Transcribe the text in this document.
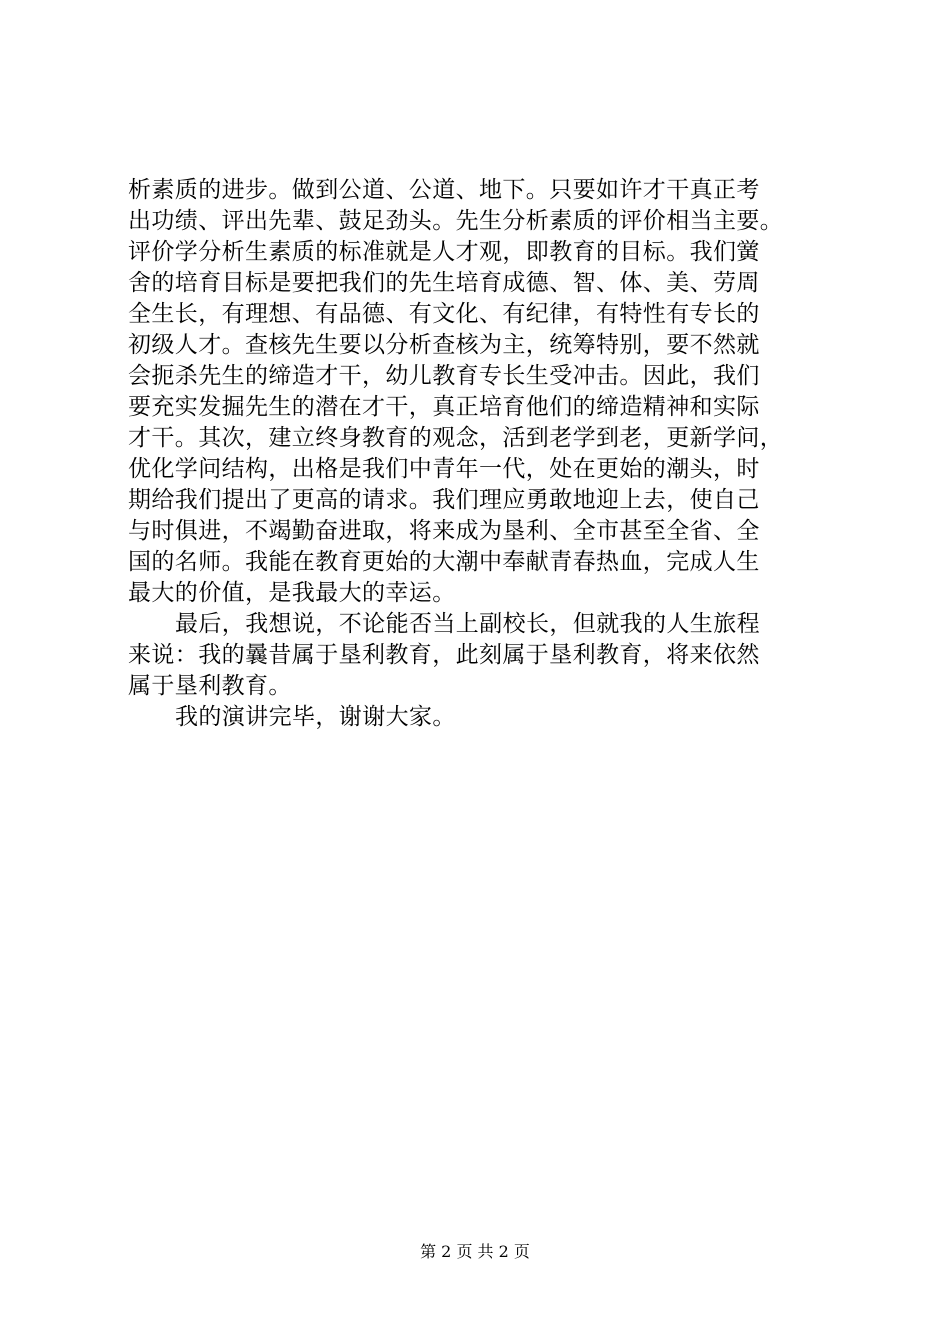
析素质的进步。做到公道、公道、地下。只要如许才干真正考
出功绩、评出先辈、鼓足劲头。先生分析素质的评价相当主要。
评价学分析生素质的标准就是人才观，即教育的目标。我们黉
舍的培育目标是要把我们的先生培育成德、智、体、美、劳周
全生长，有理想、有品德、有文化、有纪律，有特性有专长的
初级人才。查核先生要以分析查核为主，统筹特别，要不然就
会扼杀先生的缔造才干，幼儿教育专长生受冲击。因此，我们
要充实发掘先生的潜在才干，真正培育他们的缔造精神和实际
才干。其次，建立终身教育的观念，活到老学到老，更新学问，
优化学问结构，出格是我们中青年一代，处在更始的潮头，时
期给我们提出了更高的请求。我们理应勇敢地迎上去，使自己
与时俱进，不竭勤奋进取，将来成为垦利、全市甚至全省、全
国的名师。我能在教育更始的大潮中奉献青春热血，完成人生
最大的价值，是我最大的幸运。
最后，我想说，不论能否当上副校长，但就我的人生旅程
来说：我的曩昔属于垦利教育，此刻属于垦利教育，将来依然
属于垦利教育。
我的演讲完毕，谢谢大家。
第 2 页 共 2 页
